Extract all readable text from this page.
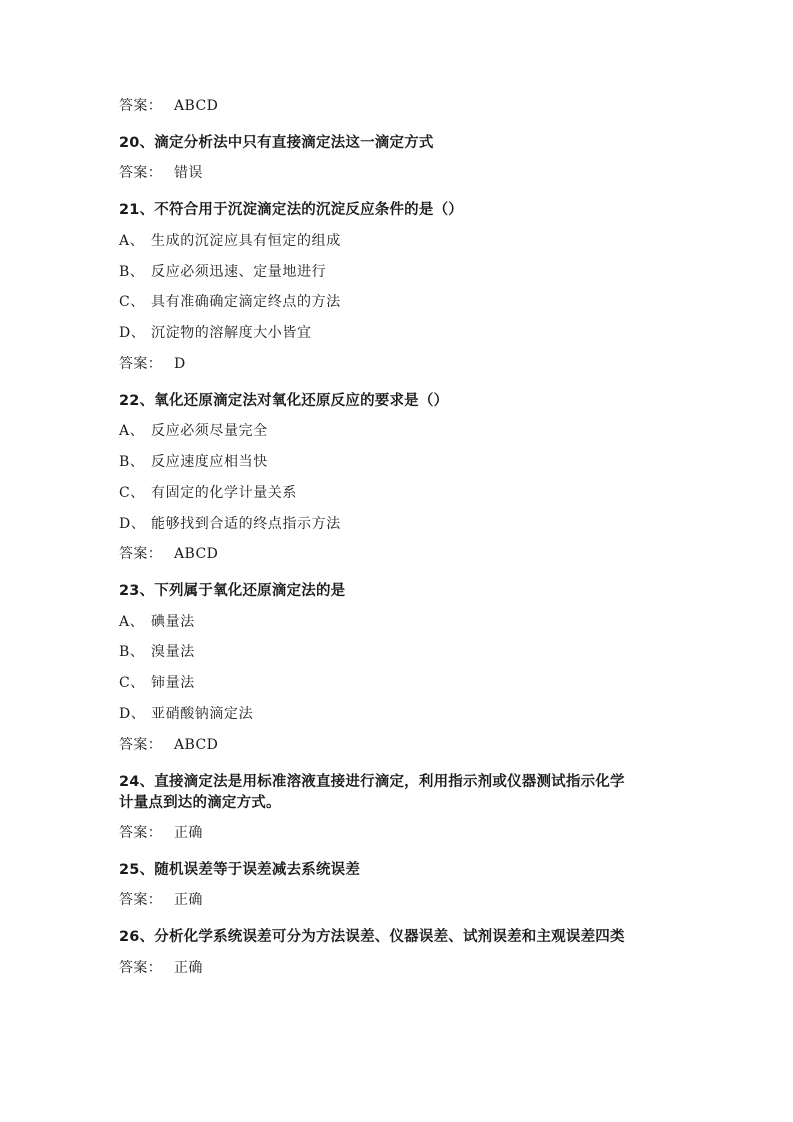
答案： ABCD
20、滴定分析法中只有直接滴定法这一滴定方式
答案： 错误
21、不符合用于沉淀滴定法的沉淀反应条件的是（）
A、 生成的沉淀应具有恒定的组成
B、 反应必须迅速、定量地进行
C、 具有准确确定滴定终点的方法
D、 沉淀物的溶解度大小皆宜
答案： D
22、氧化还原滴定法对氧化还原反应的要求是（）
A、 反应必须尽量完全
B、 反应速度应相当快
C、 有固定的化学计量关系
D、 能够找到合适的终点指示方法
答案： ABCD
23、下列属于氧化还原滴定法的是
A、 碘量法
B、 溴量法
C、 铈量法
D、 亚硝酸钠滴定法
答案： ABCD
24、直接滴定法是用标准溶液直接进行滴定，利用指示剂或仪器测试指示化学
计量点到达的滴定方式。
答案： 正确
25、随机误差等于误差减去系统误差
答案： 正确
26、分析化学系统误差可分为方法误差、仪器误差、试剂误差和主观误差四类
答案： 正确
